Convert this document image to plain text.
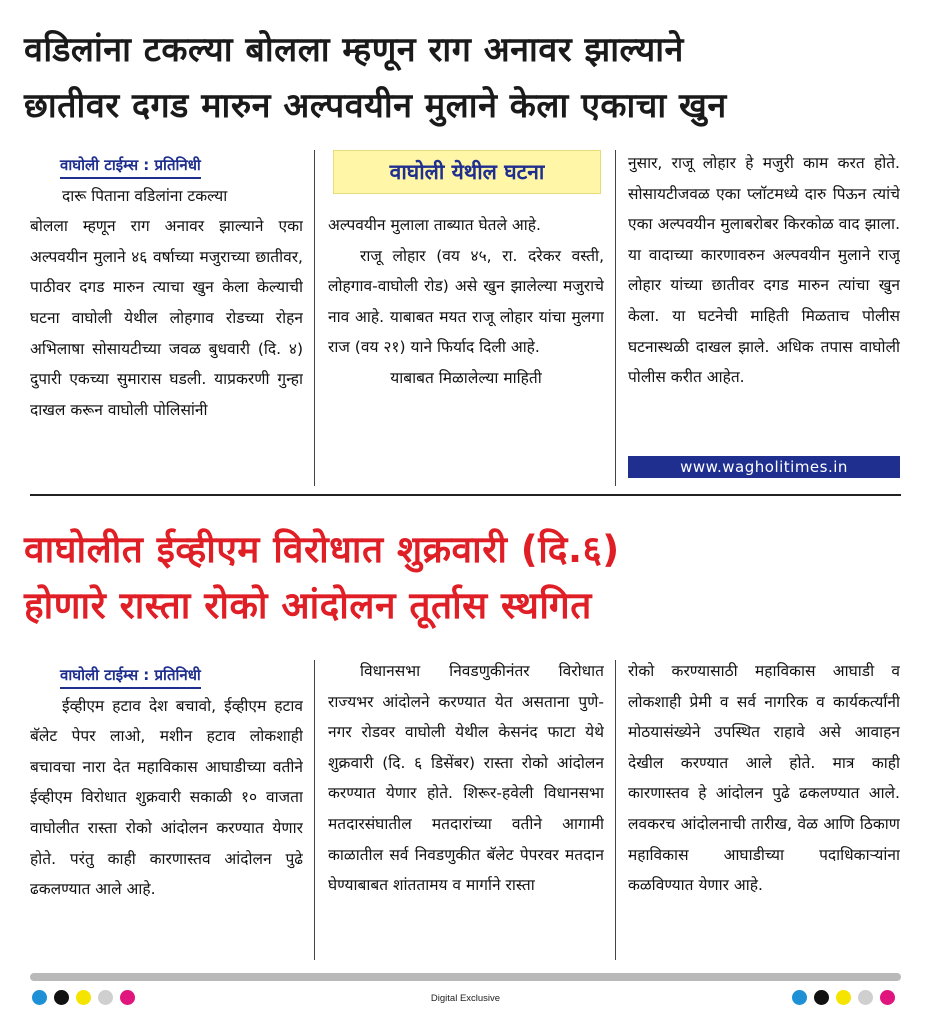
वडिलांना टकल्या बोलला म्हणून राग अनावर झाल्याने
छातीवर दगड मारुन अल्पवयीन मुलाने केला एकाचा खुन
वाघोली टाईम्स : प्रतिनिधी

दारू पिताना वडिलांना टकल्या

बोलला म्हणून राग अनावर झाल्याने एका अल्पवयीन मुलाने ४६ वर्षाच्या मजुराच्या छातीवर, पाठीवर दगड मारुन त्याचा खुन केला केल्याची घटना वाघोली येथील लोहगाव रोडच्या रोहन अभिलाषा सोसायटीच्या जवळ बुधवारी (दि. ४) दुपारी एकच्या सुमारास घडली. याप्रकरणी गुन्हा दाखल करून वाघोली पोलिसांनी

वाघोली येथील घटना

अल्पवयीन मुलाला ताब्यात घेतले आहे.

राजू लोहार (वय ४५, रा. दरेकर वस्ती, लोहगाव-वाघोली रोड) असे खुन झालेल्या मजुराचे नाव आहे. याबाबत मयत राजू लोहार यांचा मुलगा राज (वय २१) याने फिर्याद दिली आहे.

याबाबत मिळालेल्या माहिती

नुसार, राजू लोहार हे मजुरी काम करत होते. सोसायटीजवळ एका प्लॉटमध्ये दारु पिऊन त्यांचे एका अल्पवयीन मुलाबरोबर किरकोळ वाद झाला. या वादाच्या कारणावरुन अल्पवयीन मुलाने राजू लोहार यांच्या छातीवर दगड मारुन त्यांचा खुन केला. या घटनेची माहिती मिळताच पोलीस घटनास्थळी दाखल झाले. अधिक तपास वाघोली पोलीस करीत आहेत.

www.wagholitimes.in
वाघोलीत ईव्हीएम विरोधात शुक्रवारी (दि.६)
होणारे रास्ता रोको आंदोलन तूर्तास स्थगित
वाघोली टाईम्स : प्रतिनिधी

ईव्हीएम हटाव देश बचावो, ईव्हीएम हटाव बॅलेट पेपर लाओ, मशीन हटाव लोकशाही बचावचा नारा देत महाविकास आघाडीच्या वतीने ईव्हीएम विरोधात शुक्रवारी सकाळी १० वाजता वाघोलीत रास्ता रोको आंदोलन करण्यात येणार होते. परंतु काही कारणास्तव आंदोलन पुढे ढकलण्यात आले आहे.

विधानसभा निवडणुकीनंतर विरोधात राज्यभर आंदोलने करण्यात येत असताना पुणे-नगर रोडवर वाघोली येथील केसनंद फाटा येथे शुक्रवारी (दि. ६ डिसेंबर) रास्ता रोको आंदोलन करण्यात येणार होते. शिरूर-हवेली विधानसभा मतदारसंघातील मतदारांच्या वतीने आगामी काळातील सर्व निवडणुकीत बॅलेट पेपरवर मतदान घेण्याबाबत शांततामय व मार्गाने रास्ता

रोको करण्यासाठी महाविकास आघाडी व लोकशाही प्रेमी व सर्व नागरिक व कार्यकर्त्यांनी मोठयासंख्येने उपस्थित राहावे असे आवाहन देखील करण्यात आले होते. मात्र काही कारणास्तव हे आंदोलन पुढे ढकलण्यात आले. लवकरच आंदोलनाची तारीख, वेळ आणि ठिकाण महाविकास आघाडीच्या पदाधिकाऱ्यांना कळविण्यात येणार आहे.

Digital Exclusive
